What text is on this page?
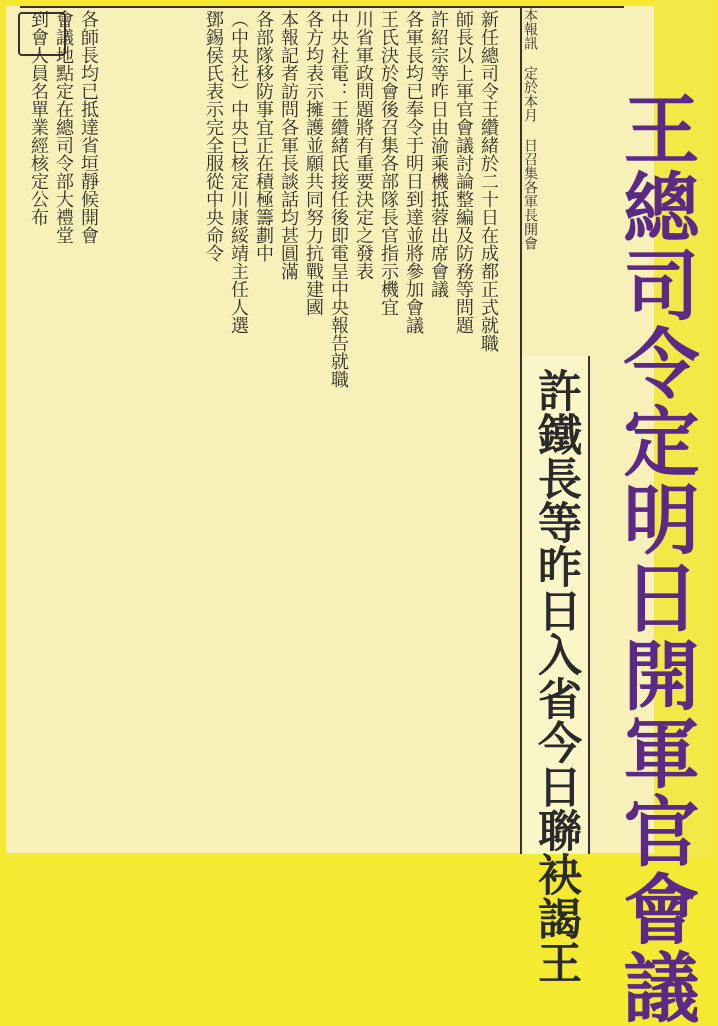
本報訊 定於本月 日召集各軍長開會 王總司令定明日開軍官會議
許鐵長等昨日入省今日聯袂謁王
新任總司令王纘緒於二十日在成都正式就職
師長以上軍官會議討論整編及防務等問題
許紹宗等昨日由渝乘機抵蓉出席會議
各軍長均已奉令于明日到達並將參加會議
王氏決於會後召集各部隊長官指示機宜
川省軍政問題將有重要決定之發表
中央社電：王纘緒氏接任後即電呈中央報告就職
各方均表示擁護並願共同努力抗戰建國
本報記者訪問各軍長談話均甚圓滿
各部隊移防事宜正在積極籌劃中
（中央社）中央已核定川康綏靖主任人選
鄧錫侯氏表示完全服從中央命令
各師長均已抵達省垣靜候開會
會議地點定在總司令部大禮堂
到會人員名單業經核定公布
